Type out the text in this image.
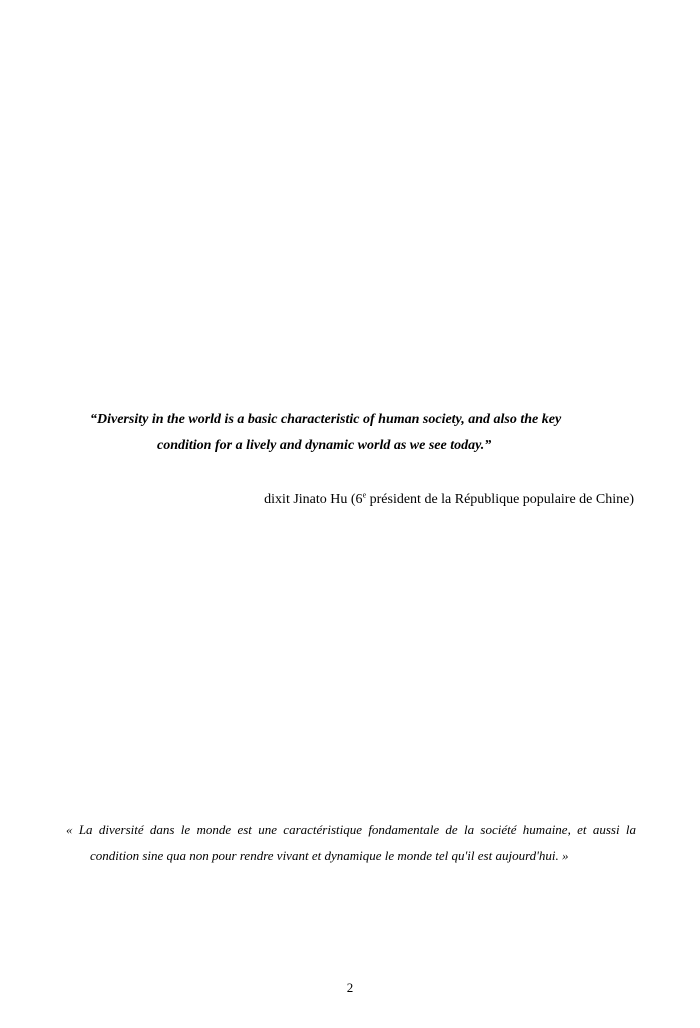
“Diversity in the world is a basic characteristic of human society, and also the key
condition for a lively and dynamic world as we see today.”
dixit Jinato Hu (6e président de la République populaire de Chine)
« La diversité dans le monde est une caractéristique fondamentale de la société humaine, et aussi la
condition sine qua non pour rendre vivant et dynamique le monde tel qu'il est aujourd'hui. »
2
